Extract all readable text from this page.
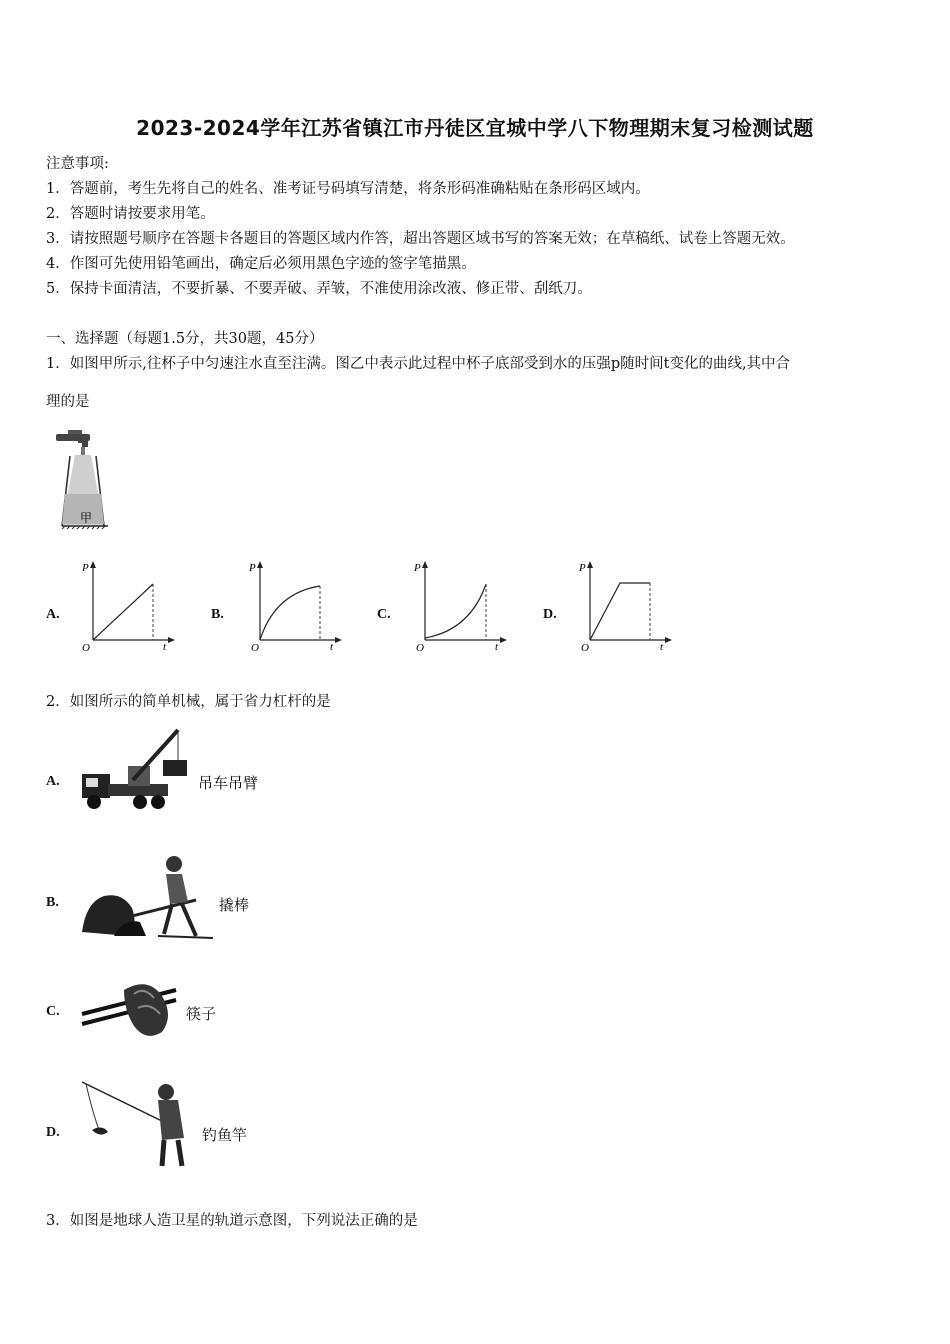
2023-2024学年江苏省镇江市丹徒区宜城中学八下物理期末复习检测试题
注意事项:
1．答题前，考生先将自己的姓名、准考证号码填写清楚，将条形码准确粘贴在条形码区域内。
2．答题时请按要求用笔。
3．请按照题号顺序在答题卡各题目的答题区域内作答，超出答题区域书写的答案无效；在草稿纸、试卷上答题无效。
4．作图可先使用铅笔画出，确定后必须用黑色字迹的签字笔描黑。
5．保持卡面清洁，不要折暴、不要弄破、弄皱，不准使用涂改液、修正带、刮纸刀。
一、选择题（每题1.5分，共30题，45分）
1．如图甲所示,往杯子中匀速注水直至注满。图乙中表示此过程中杯子底部受到水的压强p随时间t变化的曲线,其中合
理的是
甲
A.
P
O	t
B.
P
O	t
C.
P
O	t
D.
P
O	t
2．如图所示的简单机械，属于省力杠杆的是
A.	吊车吊臂
B.	撬棒
C.	筷子
D.	钓鱼竿
3．如图是地球人造卫星的轨道示意图，下列说法正确的是
